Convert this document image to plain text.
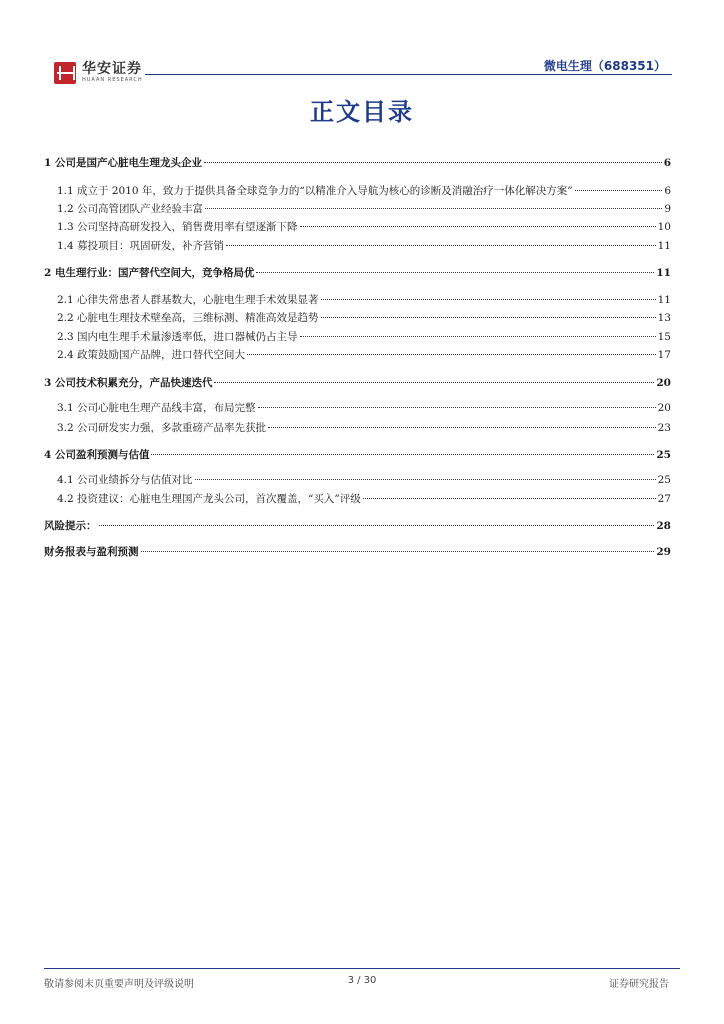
华安证券
HUAAN RESEARCH
微电生理（688351）
正文目录
1 公司是国产心脏电生理龙头企业	6
1.1 成立于 2010 年，致力于提供具备全球竞争力的“以精准介入导航为核心的诊断及消融治疗一体化解决方案”	6
1.2 公司高管团队产业经验丰富	9
1.3 公司坚持高研发投入，销售费用率有望逐渐下降	10
1.4 募投项目：巩固研发，补齐营销	11
2 电生理行业：国产替代空间大，竞争格局优	11
2.1 心律失常患者人群基数大，心脏电生理手术效果显著	11
2.2 心脏电生理技术壁垒高，三维标测、精准高效是趋势	13
2.3 国内电生理手术量渗透率低，进口器械仍占主导	15
2.4 政策鼓励国产品牌，进口替代空间大	17
3 公司技术积累充分，产品快速迭代	20
3.1 公司心脏电生理产品线丰富，布局完整	20
3.2 公司研发实力强，多款重磅产品率先获批	23
4 公司盈利预测与估值	25
4.1 公司业绩拆分与估值对比	25
4.2 投资建议：心脏电生理国产龙头公司，首次覆盖，“买入”评级	27
风险提示：	28
财务报表与盈利预测	29
敬请参阅末页重要声明及评级说明	3 / 30	证券研究报告
